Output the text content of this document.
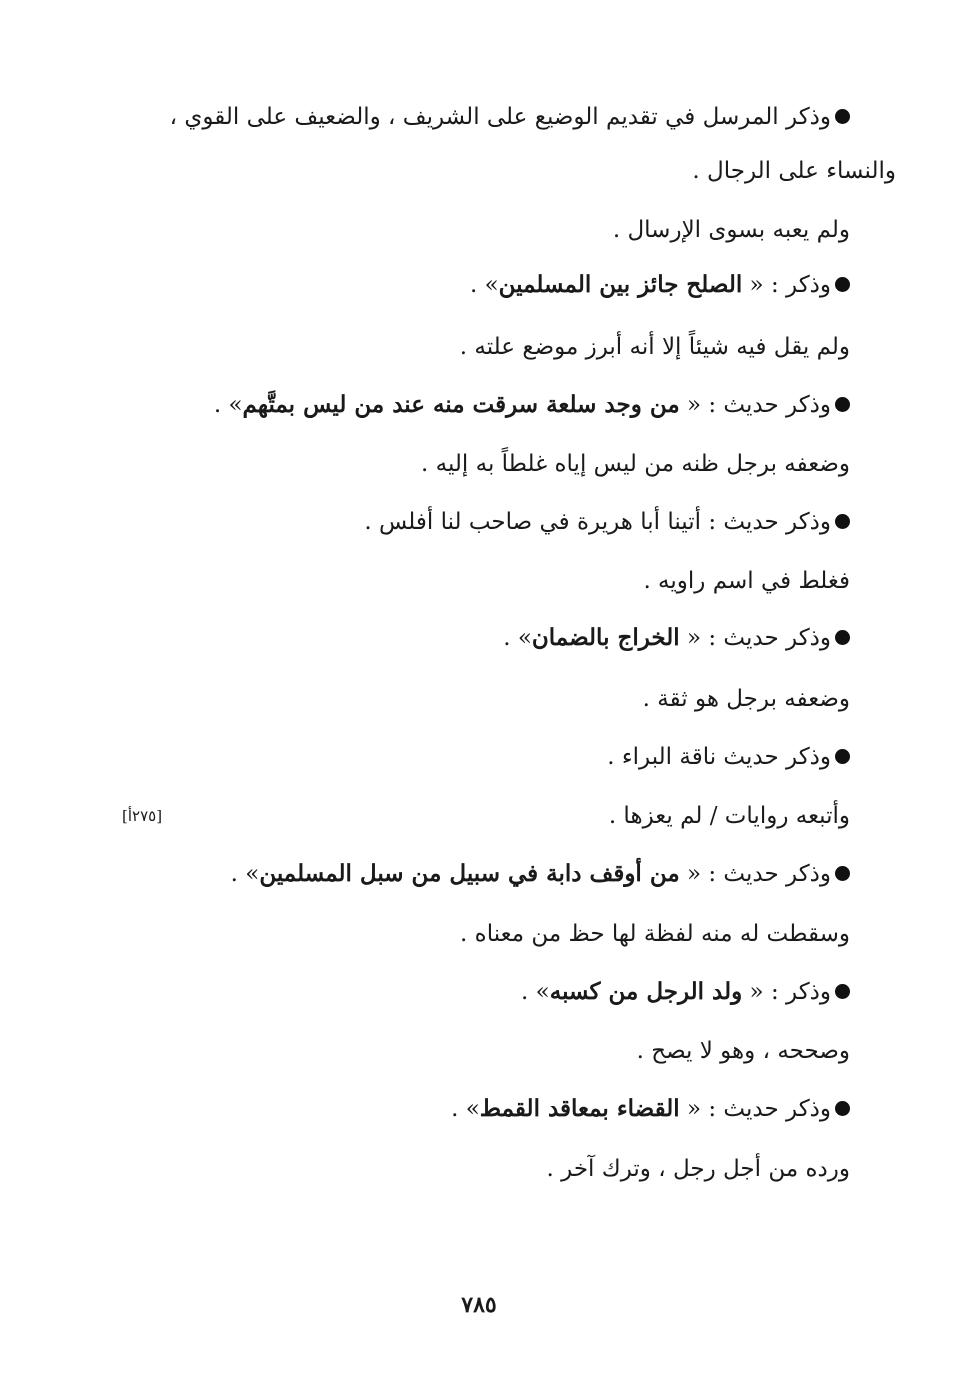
وذكر المرسل في تقديم الوضيع على الشريف ، والضعيف على القوي ،
والنساء على الرجال .
ولم يعبه بسوى الإرسال .
وذكر : « الصلح جائز بين المسلمين» .
ولم يقل فيه شيئاً إلا أنه أبرز موضع علته .
وذكر حديث : « من وجد سلعة سرقت منه عند من ليس بمتَّهم» .
وضعفه برجل ظنه من ليس إياه غلطاً به إليه .
وذكر حديث : أتينا أبا هريرة في صاحب لنا أفلس .
فغلط في اسم راويه .
وذكر حديث : « الخراج بالضمان» .
وضعفه برجل هو ثقة .
وذكر حديث ناقة البراء .
وأتبعه روايات / لم يعزها .
وذكر حديث : « من أوقف دابة في سبيل من سبل المسلمين» .
وسقطت له منه لفظة لها حظ من معناه .
وذكر : « ولد الرجل من كسبه» .
وصححه ، وهو لا يصح .
وذكر حديث : « القضاء بمعاقد القمط» .
ورده من أجل رجل ، وترك آخر .
[٢٧٥أ]
٧٨٥
